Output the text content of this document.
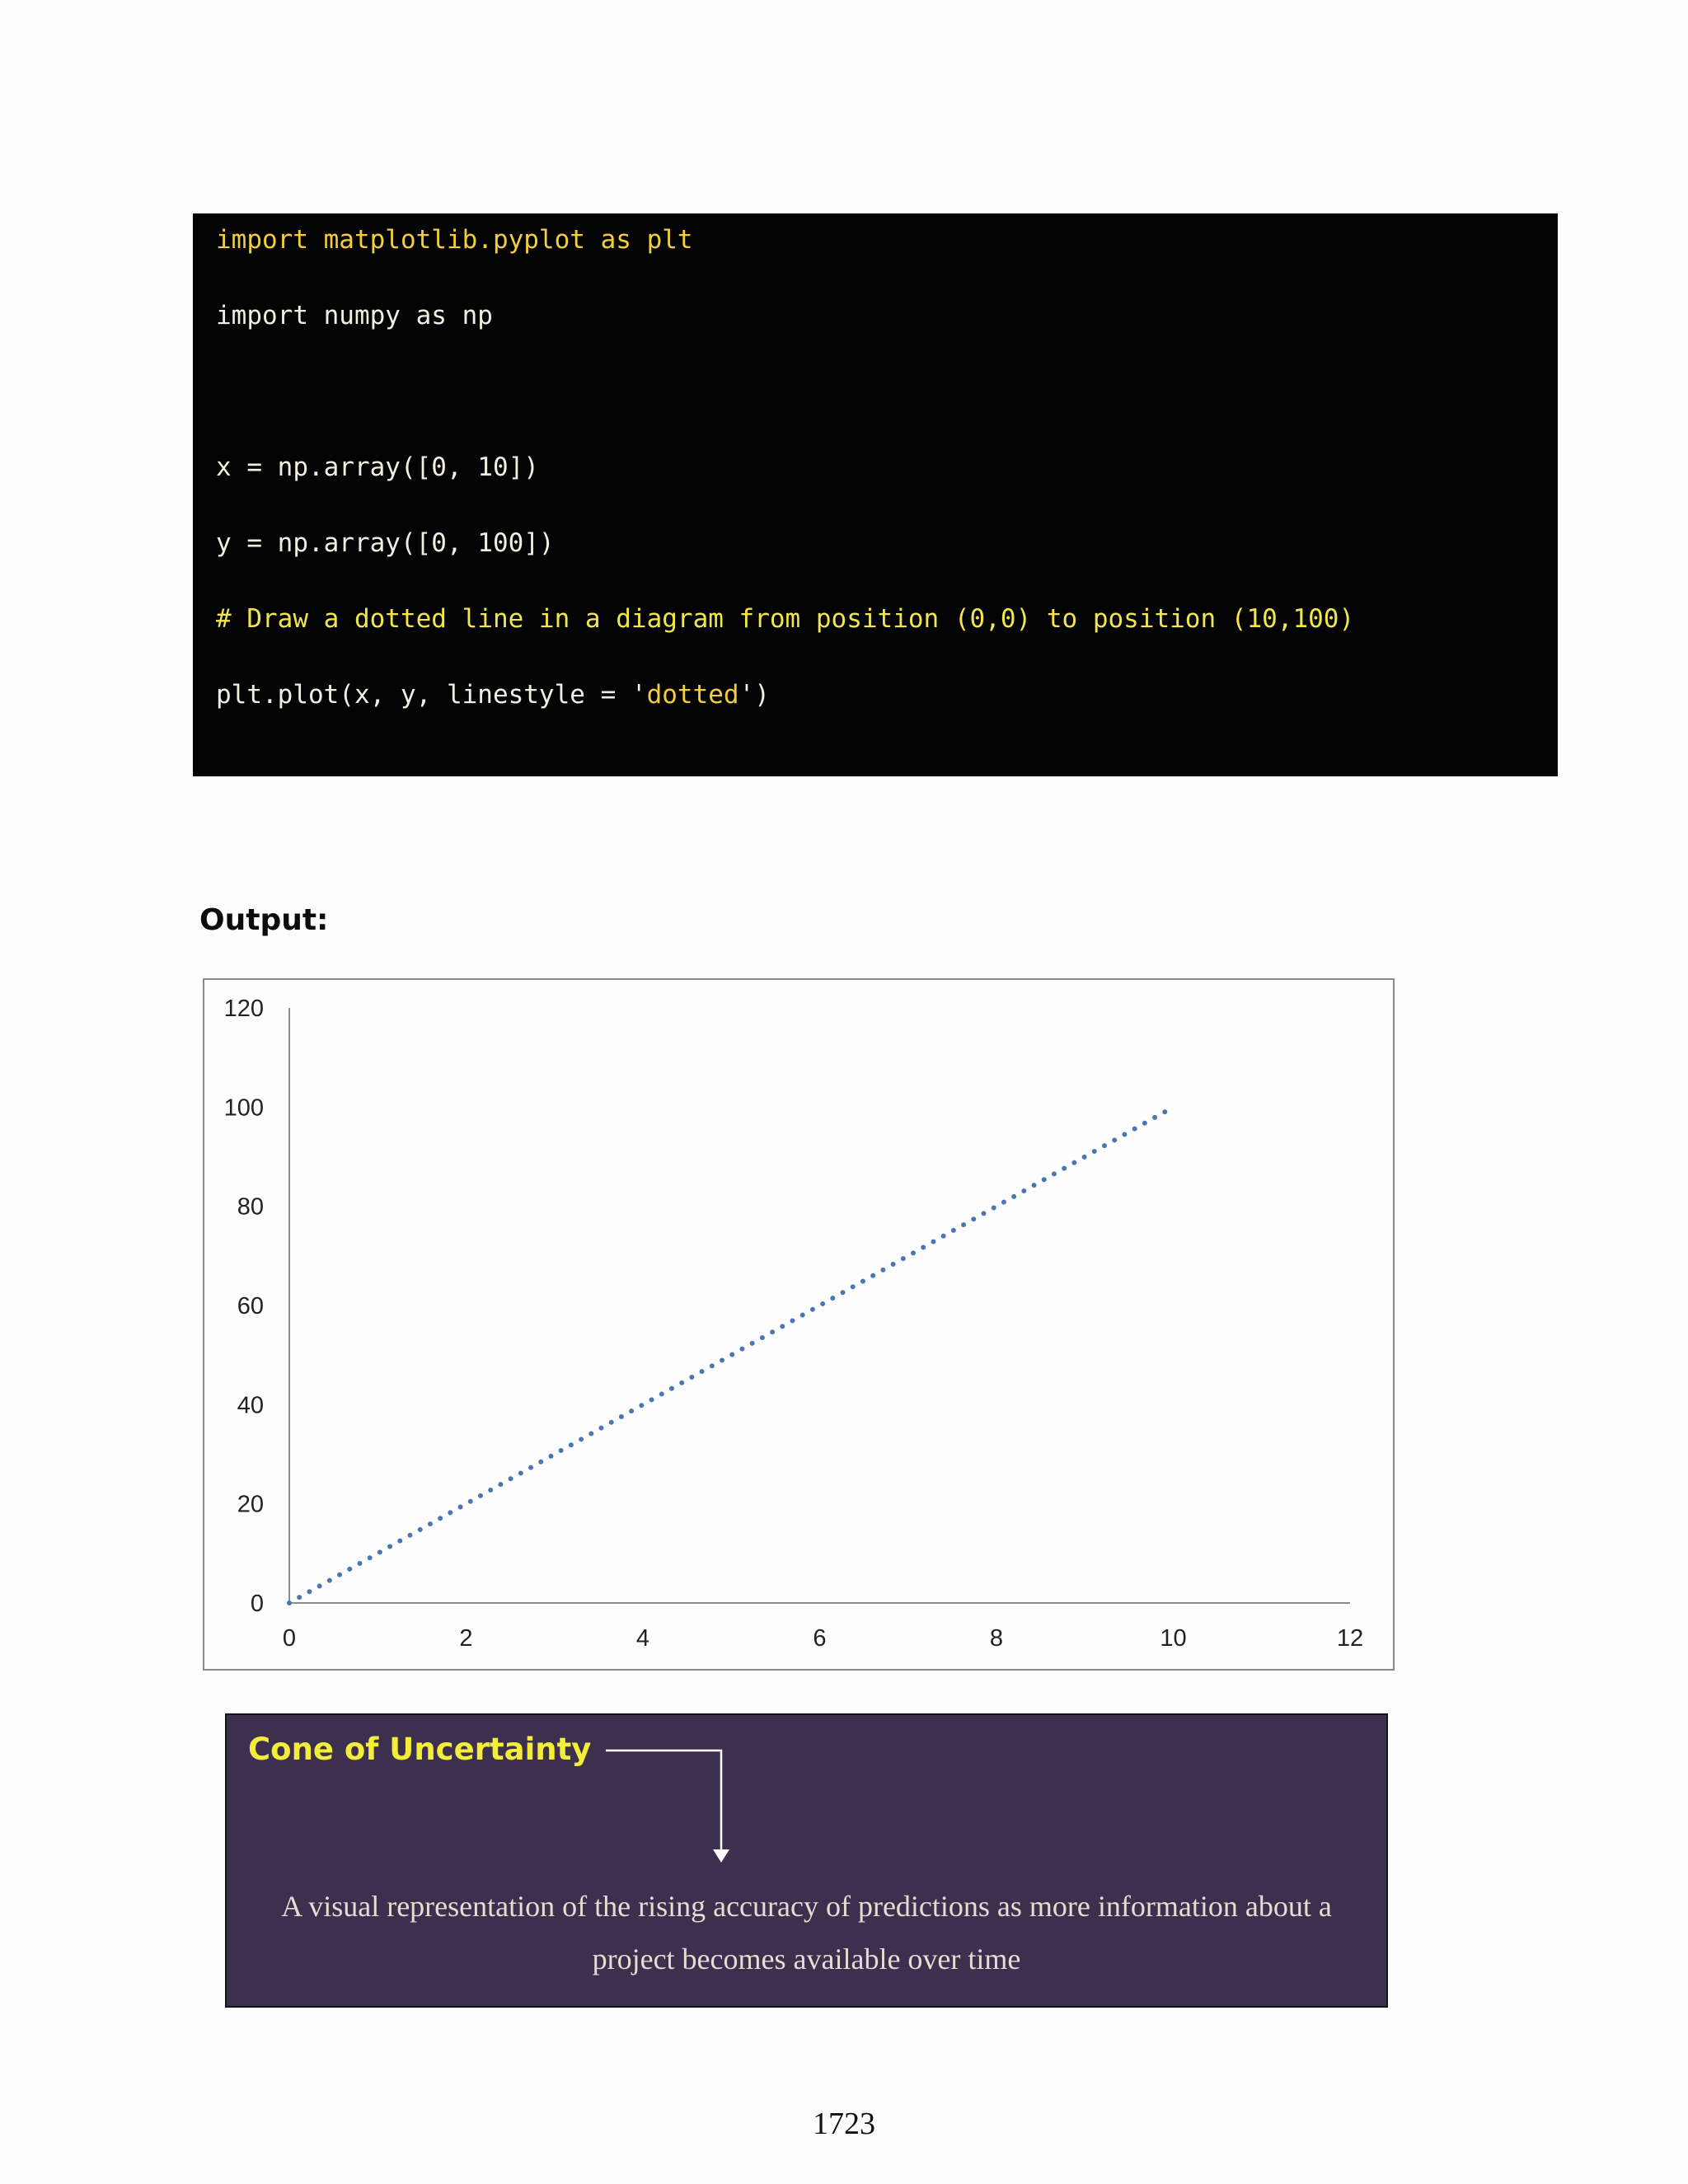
import matplotlib.pyplot as plt
import numpy as np
x = np.array([0, 10])
y = np.array([0, 100])
# Draw a dotted line in a diagram from position (0,0) to position (10,100)
plt.plot(x, y, linestyle = 'dotted')
Output:
0
20
40
60
80
100
120
0	2	4	6	8	10	12
Cone of Uncertainty
A visual representation of the rising accuracy of predictions as more information about a project becomes available over time
1723
